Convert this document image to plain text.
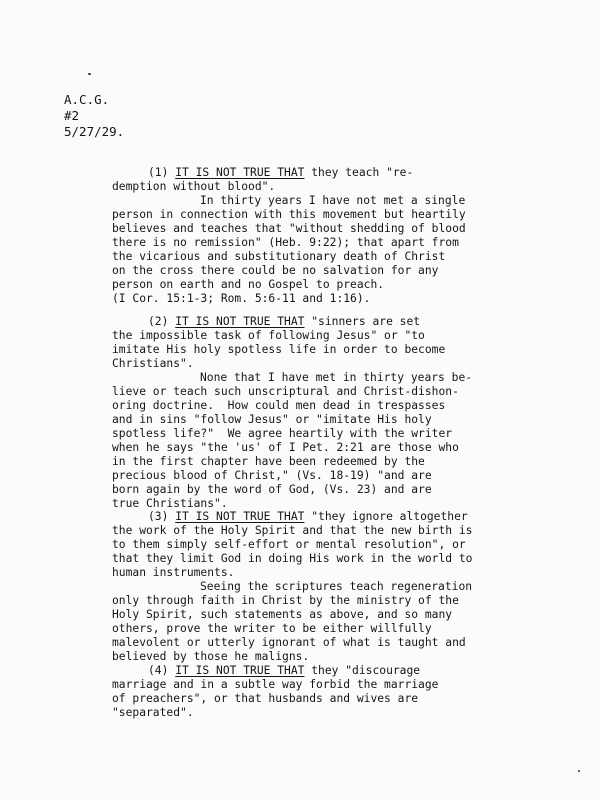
A.C.G.
#2
5/27/29.
(1) IT IS NOT TRUE THAT they teach "re-
demption without blood".
In thirty years I have not met a single
person in connection with this movement but heartily
believes and teaches that "without shedding of blood
there is no remission" (Heb. 9:22); that apart from
the vicarious and substitutionary death of Christ
on the cross there could be no salvation for any
person on earth and no Gospel to preach.
(I Cor. 15:1-3; Rom. 5:6-11 and 1:16).
(2) IT IS NOT TRUE THAT "sinners are set
the impossible task of following Jesus" or "to
imitate His holy spotless life in order to become
Christians".
None that I have met in thirty years be-
lieve or teach such unscriptural and Christ-dishon-
oring doctrine.  How could men dead in trespasses
and in sins "follow Jesus" or "imitate His holy
spotless life?"  We agree heartily with the writer
when he says "the 'us' of I Pet. 2:21 are those who
in the first chapter have been redeemed by the
precious blood of Christ," (Vs. 18-19) "and are
born again by the word of God, (Vs. 23) and are
true Christians".
(3) IT IS NOT TRUE THAT "they ignore altogether
the work of the Holy Spirit and that the new birth is
to them simply self-effort or mental resolution", or
that they limit God in doing His work in the world to
human instruments.
Seeing the scriptures teach regeneration
only through faith in Christ by the ministry of the
Holy Spirit, such statements as above, and so many
others, prove the writer to be either willfully
malevolent or utterly ignorant of what is taught and
believed by those he maligns.
(4) IT IS NOT TRUE THAT they "discourage
marriage and in a subtle way forbid the marriage
of preachers", or that husbands and wives are
"separated".
